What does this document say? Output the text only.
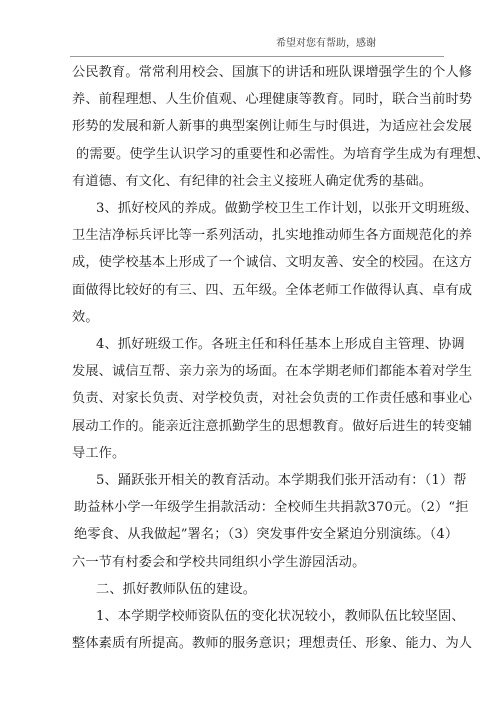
希望对您有帮助，感谢
公民教育。常常利用校会、国旗下的讲话和班队课增强学生的个人修
养、前程理想、人生价值观、心理健康等教育。同时，联合当前时势
形势的发展和新人新事的典型案例让师生与时俱进，为适应社会发展
的需要。使学生认识学习的重要性和必需性。为培育学生成为有理想、
有道德、有文化、有纪律的社会主义接班人确定优秀的基础。
3、抓好校风的养成。做勤学校卫生工作计划，以张开文明班级、
卫生洁净标兵评比等一系列活动，扎实地推动师生各方面规范化的养
成，使学校基本上形成了一个诚信、文明友善、安全的校园。在这方
面做得比较好的有三、四、五年级。全体老师工作做得认真、卓有成
效。
4、抓好班级工作。各班主任和科任基本上形成自主管理、协调
发展、诚信互帮、亲力亲为的场面。在本学期老师们都能本着对学生
负责、对家长负责、对学校负责，对社会负责的工作责任感和事业心
展动工作的。能亲近注意抓勤学生的思想教育。做好后进生的转变辅
导工作。
5、踊跃张开相关的教育活动。本学期我们张开活动有：（1）帮
助益林小学一年级学生捐款活动：全校师生共捐款370元。（2）“拒
绝零食、从我做起”署名；（3）突发事件安全紧迫分别演练。（4）
六一节有村委会和学校共同组织小学生游园活动。
二、抓好教师队伍的建设。
1、本学期学校师资队伍的变化状况较小，教师队伍比较坚固、
整体素质有所提高。教师的服务意识；理想责任、形象、能力、为人
